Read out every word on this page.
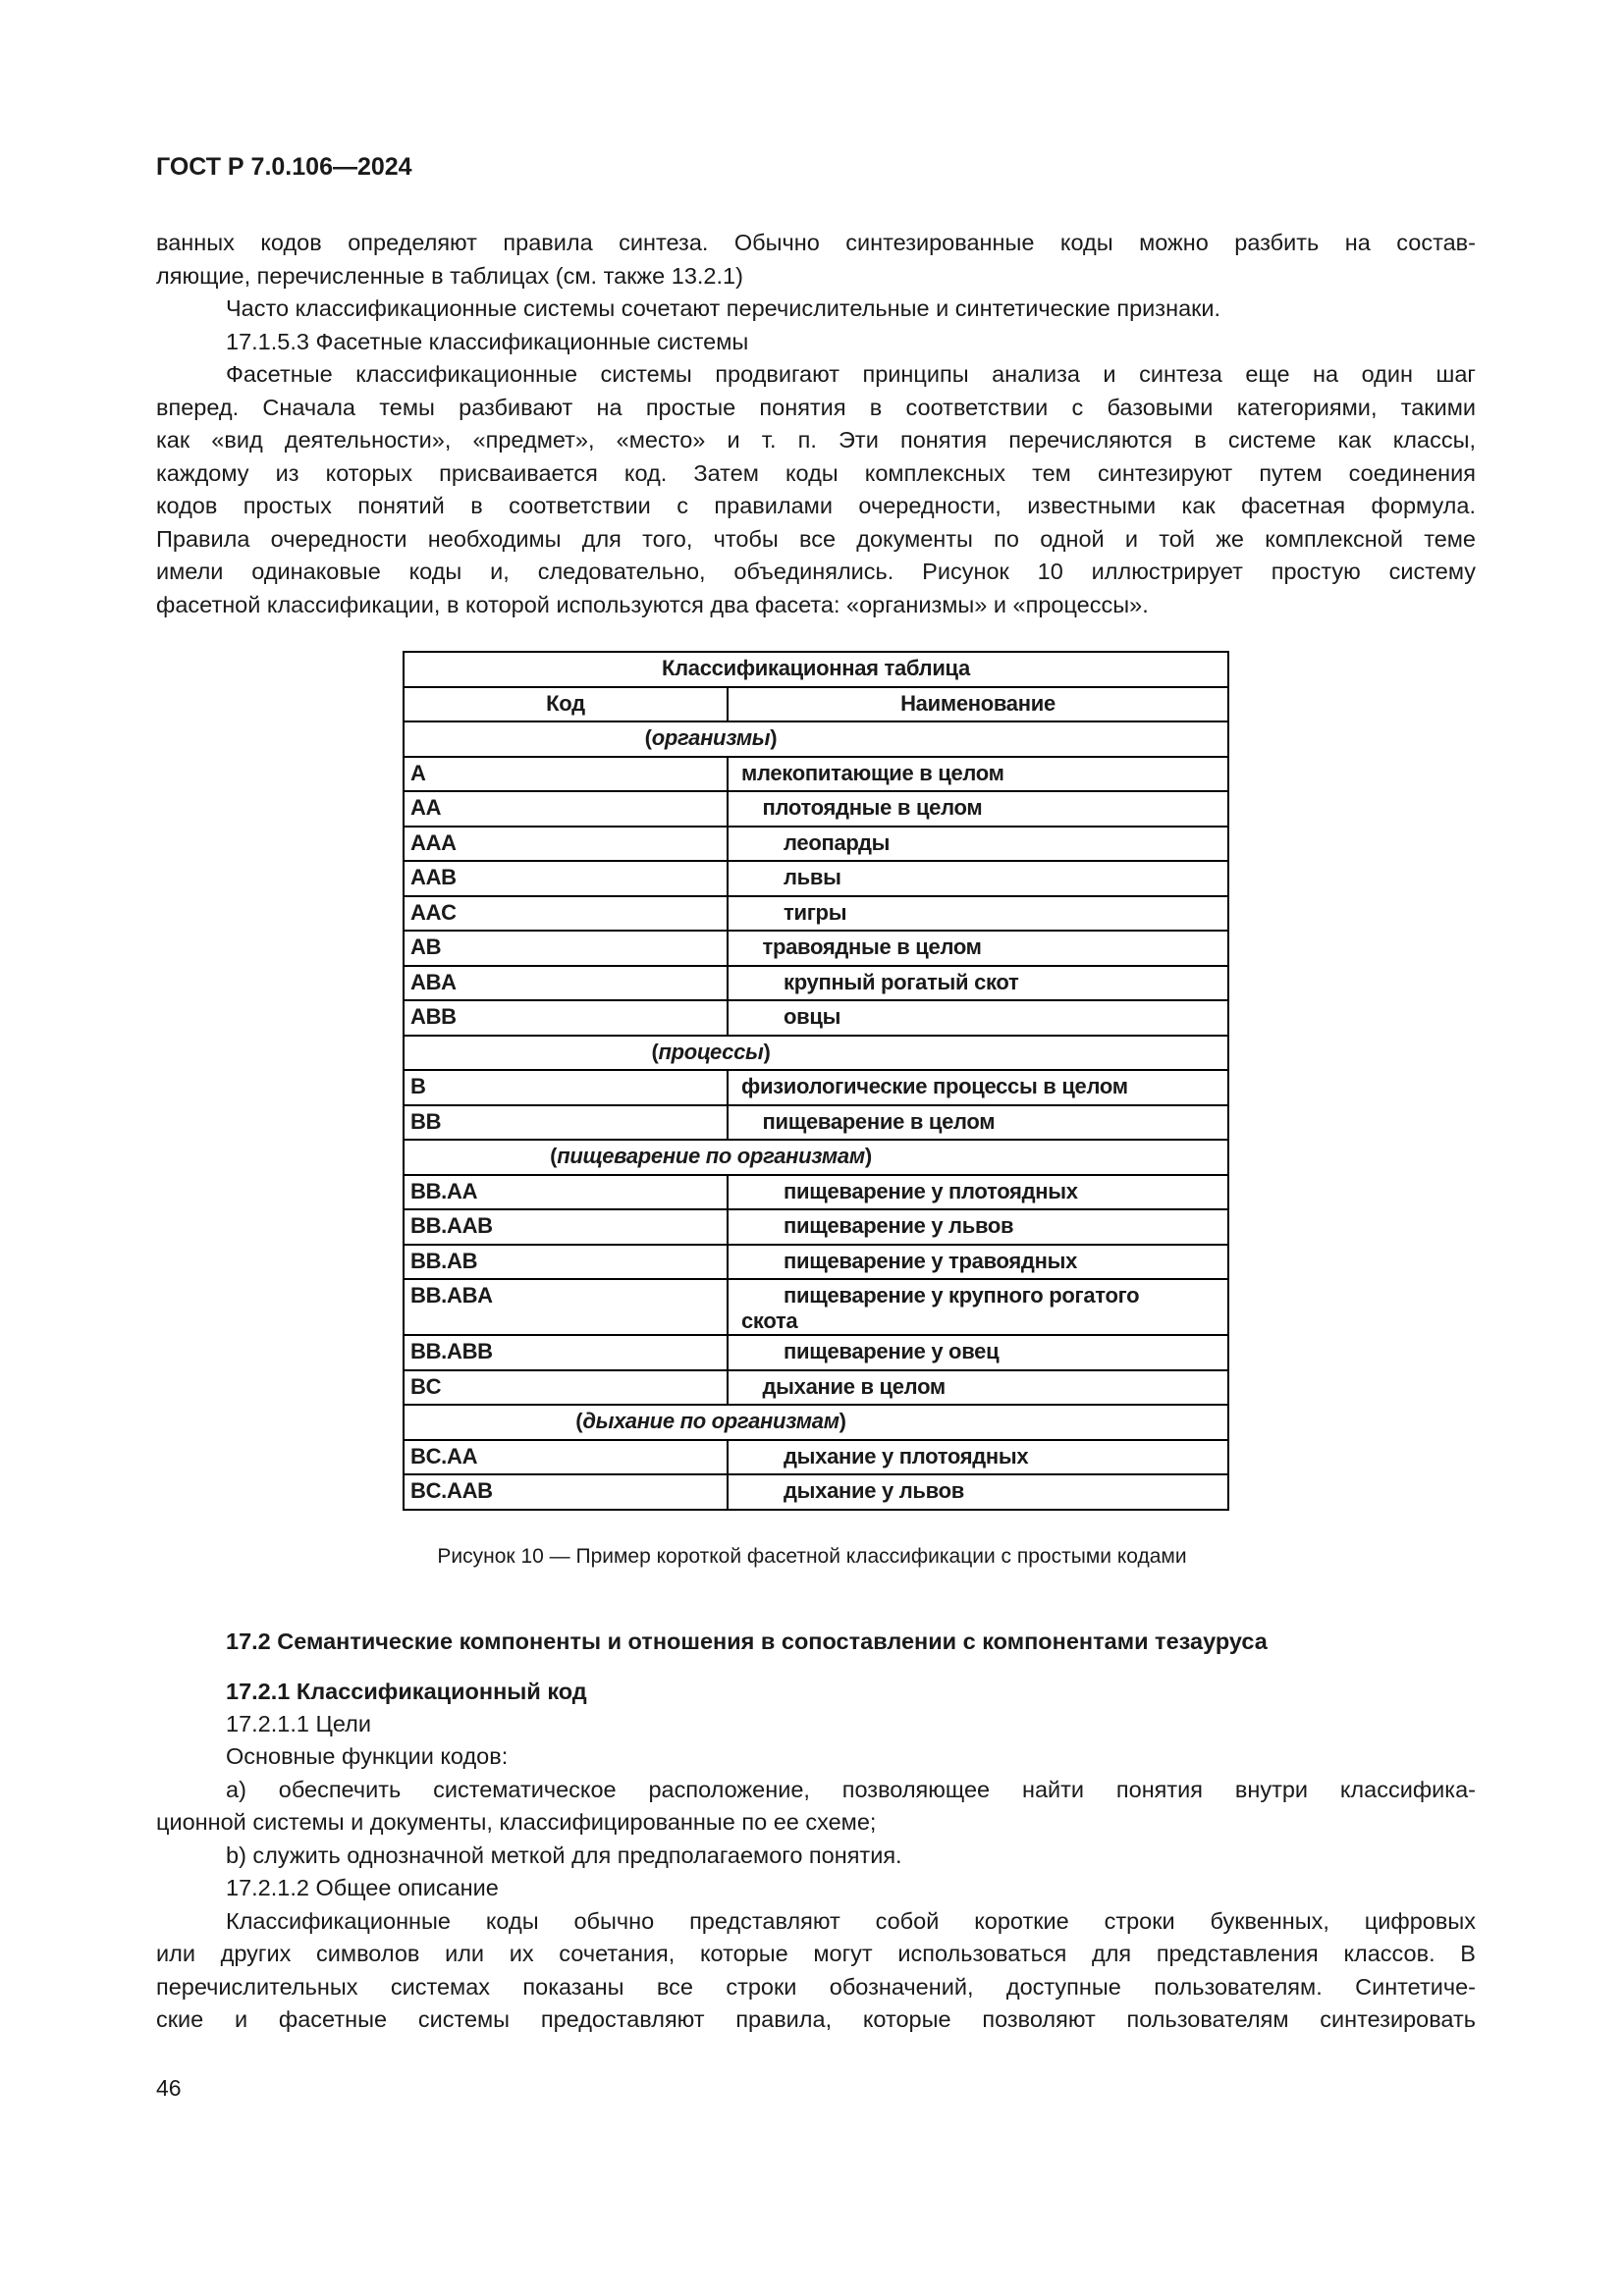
ГОСТ Р 7.0.106—2024
ванных кодов определяют правила синтеза. Обычно синтезированные коды можно разбить на состав-
ляющие, перечисленные в таблицах (см. также 13.2.1)
Часто классификационные системы сочетают перечислительные и синтетические признаки.
17.1.5.3 Фасетные классификационные системы
Фасетные классификационные системы продвигают принципы анализа и синтеза еще на один шаг
вперед. Сначала темы разбивают на простые понятия в соответствии с базовыми категориями, такими
как «вид деятельности», «предмет», «место» и т. п. Эти понятия перечисляются в системе как классы,
каждому из которых присваивается код. Затем коды комплексных тем синтезируют путем соединения
кодов простых понятий в соответствии с правилами очередности, известными как фасетная формула.
Правила очередности необходимы для того, чтобы все документы по одной и той же комплексной теме
имели одинаковые коды и, следовательно, объединялись. Рисунок 10 иллюстрирует простую систему
фасетной классификации, в которой используются два фасета: «организмы» и «процессы».
Классификационная таблица	
Код	Наименование
(организмы)	
A	млекопитающие в целом
AA	плотоядные в целом
AAA	леопарды
AAB	львы
AAC	тигры
AB	травоядные в целом
ABA	крупный рогатый скот
ABB	овцы
(процессы)	
B	физиологические процессы в целом
BB	пищеварение в целом
(пищеварение по организмам)	
BB.AA	пищеварение у плотоядных
BB.AAB	пищеварение у львов
BB.AB	пищеварение у травоядных
BB.ABA	пищеварение у крупного рогатого скота
BB.ABB	пищеварение у овец
BC	дыхание в целом
(дыхание по организмам)	
BC.AA	дыхание у плотоядных
BC.AAB	дыхание у львов
Рисунок 10 — Пример короткой фасетной классификации с простыми кодами
17.2 Семантические компоненты и отношения в сопоставлении с компонентами тезауруса
17.2.1 Классификационный код
17.2.1.1 Цели
Основные функции кодов:
a) обеспечить систематическое расположение, позволяющее найти понятия внутри классифика-
ционной системы и документы, классифицированные по ее схеме;
b) служить однозначной меткой для предполагаемого понятия.
17.2.1.2 Общее описание
Классификационные коды обычно представляют собой короткие строки буквенных, цифровых
или других символов или их сочетания, которые могут использоваться для представления классов. В
перечислительных системах показаны все строки обозначений, доступные пользователям. Синтетиче-
ские и фасетные системы предоставляют правила, которые позволяют пользователям синтезировать
46
